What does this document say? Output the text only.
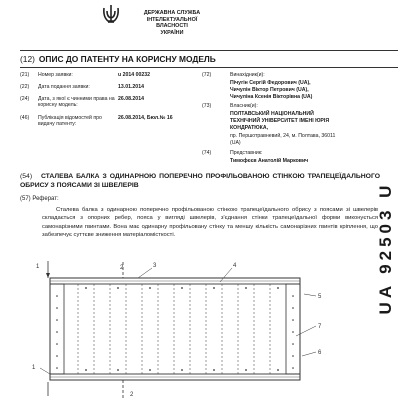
ДЕРЖАВНА СЛУЖБА
ІНТЕЛЕКТУАЛЬНОЇ
ВЛАСНОСТІ
УКРАЇНИ
(12) ОПИС ДО ПАТЕНТУ НА КОРИСНУ МОДЕЛЬ
(21) Номер заявки:	u 2014 00232
(22) Дата подання заявки:	13.01.2014
(24) Дата, з якої є чинними права на корисну модель:
26.08.2014
(46) Публікація відомостей про видачу патенту:
26.08.2014, Бюл.№ 16
(72)	Винахідник(и):
Пічугін Сергій Федорович (UA),
Чичулін Віктор Петрович (UA),
Чичуліна Ксенія Вікторівна (UA)
(73)	Власник(и):
ПОЛТАВСЬКИЙ НАЦІОНАЛЬНИЙ
ТЕХНІЧНИЙ УНІВЕРСИТЕТ ІМЕНІ ЮРІЯ
КОНДРАТЮКА,
пр. Першотравневий, 24, м. Полтава, 36011
(UA)
(74)	Представник:
Тимофєєв Анатолій Маркович
(54) СТАЛЕВА БАЛКА З ОДИНАРНОЮ ПОПЕРЕЧНО ПРОФІЛЬОВАНОЮ СТІНКОЮ ТРАПЕЦЕЇДАЛЬНОГО ОБРИСУ З ПОЯСАМИ ЗІ ШВЕЛЕРІВ
(57) Реферат:
Сталева балка з одинарною поперечно профільованою стінкою трапецеїдального обрису з поясами зі швелерів складається з опорних ребер, пояса у вигляді швелерів, з'єднання стінки трапецеїдальної форми виконується самонарізними гвинтами. Вона має одинарну профільовану стінку та меншу кількість самонарізних гвинтів кріплення, що забезпечує суттєве зниження матеріаломісткості.	UA 92503 U
1	2
2
3	4
5
7
6
1
